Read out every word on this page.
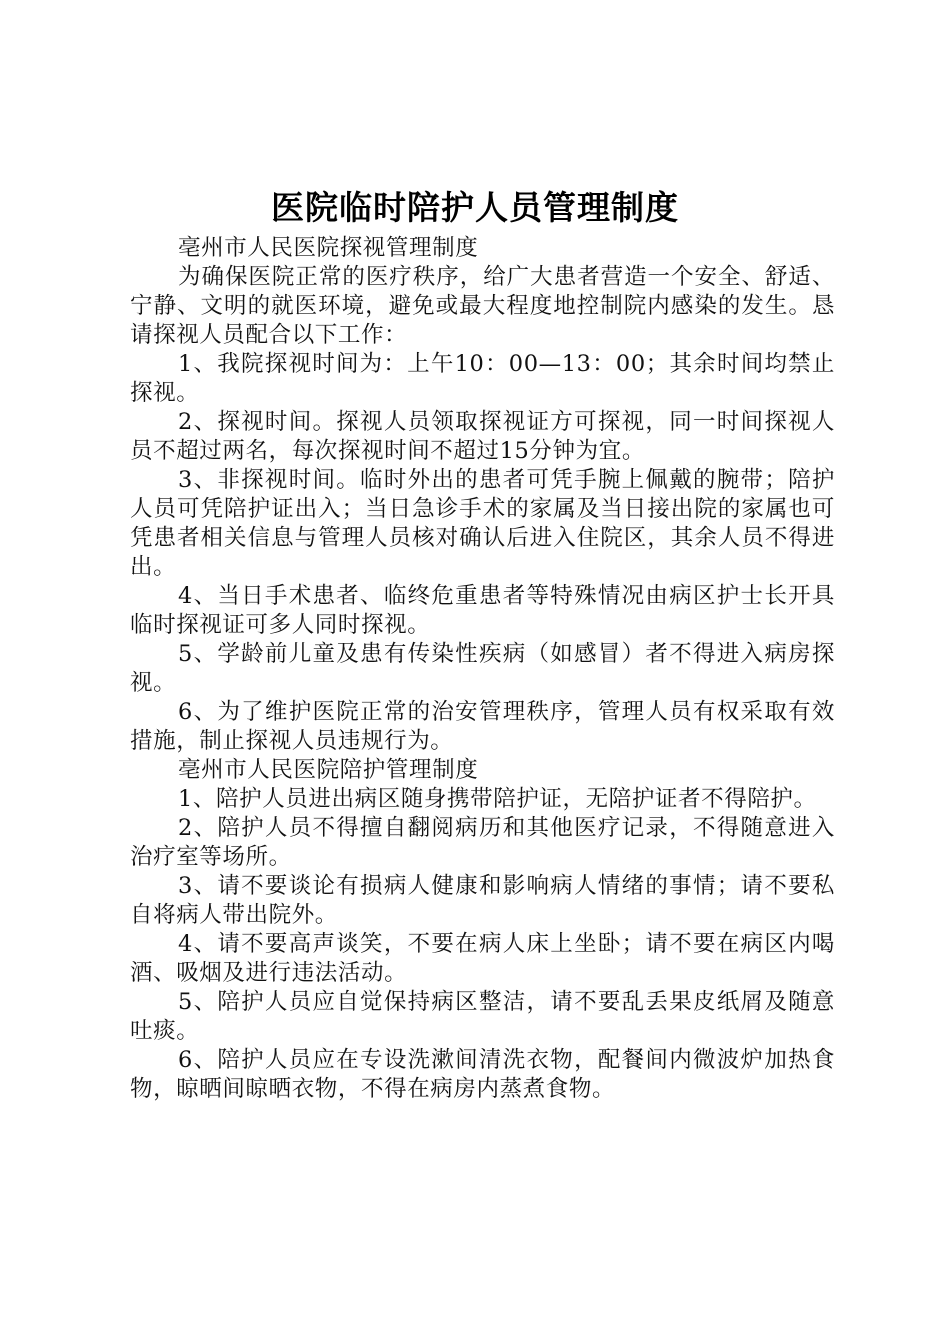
医院临时陪护人员管理制度

亳州市人民医院探视管理制度

为确保医院正常的医疗秩序，给广大患者营造一个安全、舒适、宁静、文明的就医环境，避免或最大程度地控制院内感染的发生。恳请探视人员配合以下工作：

1、我院探视时间为：上午10：00—13：00；其余时间均禁止探视。

2、探视时间。探视人员领取探视证方可探视，同一时间探视人员不超过两名，每次探视时间不超过15分钟为宜。

3、非探视时间。临时外出的患者可凭手腕上佩戴的腕带；陪护人员可凭陪护证出入；当日急诊手术的家属及当日接出院的家属也可凭患者相关信息与管理人员核对确认后进入住院区，其余人员不得进出。

4、当日手术患者、临终危重患者等特殊情况由病区护士长开具临时探视证可多人同时探视。

5、学龄前儿童及患有传染性疾病（如感冒）者不得进入病房探视。

6、为了维护医院正常的治安管理秩序，管理人员有权采取有效措施，制止探视人员违规行为。

亳州市人民医院陪护管理制度

1、陪护人员进出病区随身携带陪护证，无陪护证者不得陪护。

2、陪护人员不得擅自翻阅病历和其他医疗记录，不得随意进入治疗室等场所。

3、请不要谈论有损病人健康和影响病人情绪的事情；请不要私自将病人带出院外。

4、请不要高声谈笑，不要在病人床上坐卧；请不要在病区内喝酒、吸烟及进行违法活动。

5、陪护人员应自觉保持病区整洁，请不要乱丢果皮纸屑及随意吐痰。

6、陪护人员应在专设洗漱间清洗衣物，配餐间内微波炉加热食物，晾晒间晾晒衣物，不得在病房内蒸煮食物。
